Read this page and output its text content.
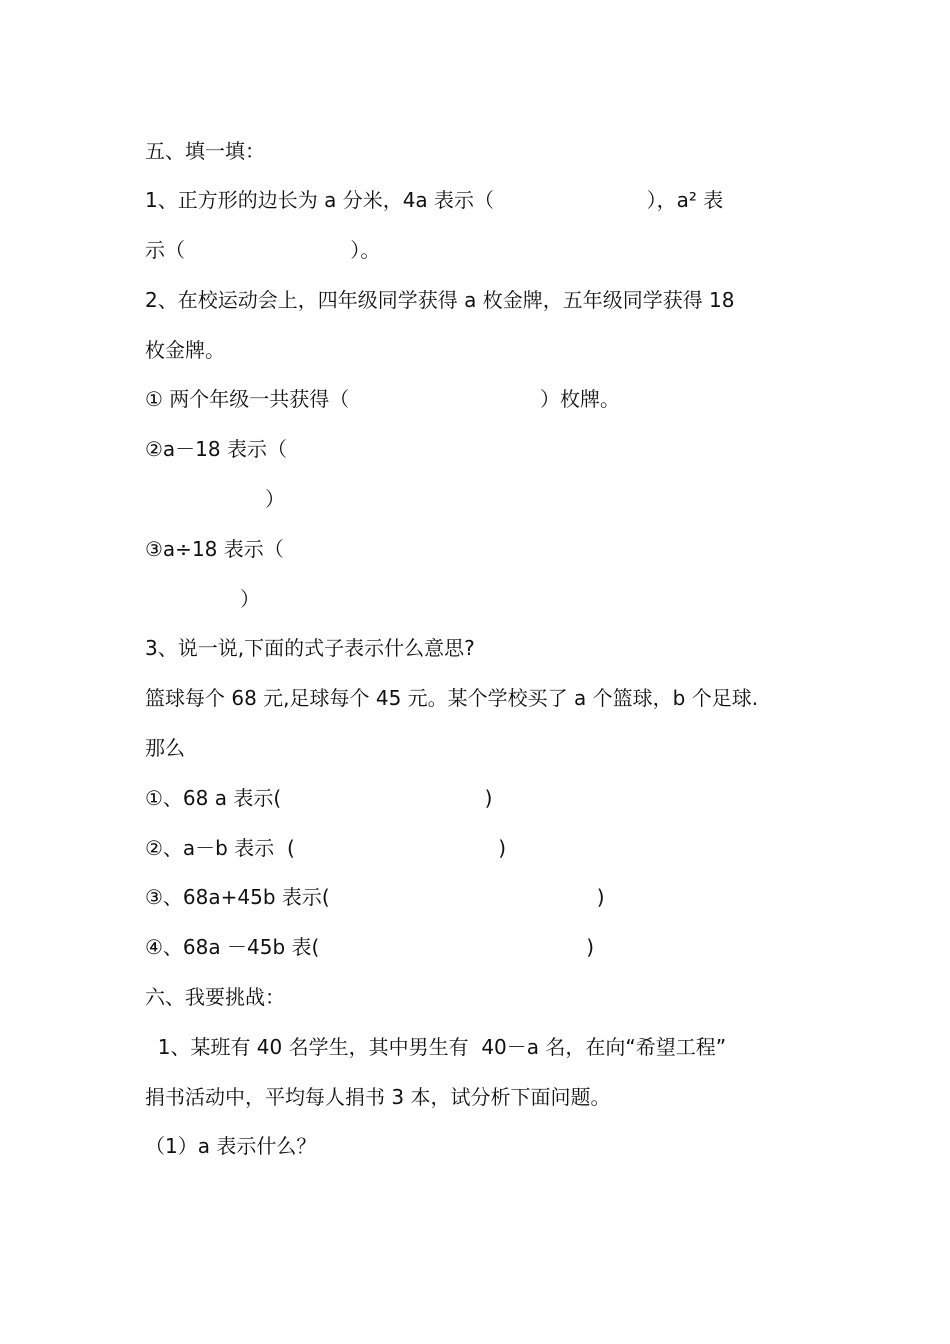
五、填一填：
1、正方形的边长为 a 分米，4a 表示（                        ），a² 表
示（                          ）。
2、在校运动会上，四年级同学获得 a 枚金牌，五年级同学获得 18
枚金牌。
① 两个年级一共获得（                              ）枚牌。
②a－18 表示（
）
③a÷18 表示（
）
3、说一说,下面的式子表示什么意思?
篮球每个 68 元,足球每个 45 元。某个学校买了 a 个篮球，b 个足球.
那么
①、68 a 表示(                                )
②、a－b 表示  (                                )
③、68a+45b 表示(                                          )
④、68a －45b 表(                                          )
六、我要挑战：
1、某班有 40 名学生，其中男生有  40－a 名，在向“希望工程”
捐书活动中，平均每人捐书 3 本，试分析下面问题。
（1）a 表示什么？
